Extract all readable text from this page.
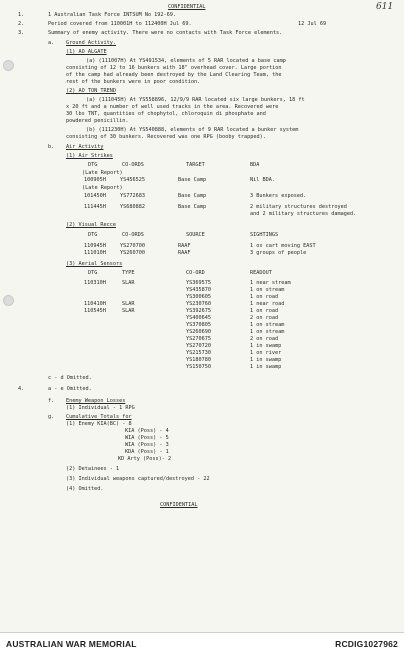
CONFIDENTIAL	611
1.	1 Australian Task Force INTSUM No 192-69.
2.	Period covered from 110001H to 112400H Jul 69.	12 Jul 69
3.	Summary of enemy activity. There were no contacts with Task Force elements.
a. Ground Activity.
(1) AO ALGATE
(a) (111007H) At YS491534, elements of 5 RAR located a base camp
consisting of 12 to 16 bunkers with 18" overhead cover. Large portion
of the camp had already been destroyed by the Land Clearing Team, the
rest of the bunkers were in poor condition.
(2) AO TON TREND
(a) (111045H) At YS558896, 12/9/9 RAR located six large bunkers, 18 ft
x 20 ft and a number of well used tracks in the area. Recovered were
30 lbs TNT, quantities of chophytol, chloroquin di phosphate and
powdered penicillin.
(b) (111230H) At YS540888, elements of 9 RAR located a bunker system
consisting of 30 bunkers. Recovered was one RPG (booby trapped).
b. Air Activity
(1) Air Strikes
DTG	CO-ORDS	TARGET	BDA
(Late Report)
100905H	YS456525	Base Camp	Nil BDA.
(Late Report)
101450H	YS772683	Base Camp	3 Bunkers exposed.
111445H	YS680882	Base Camp	2 military structures destroyed
and 2 military structures damaged.
(2) Visual Recce
DTG	CO-ORDS	SOURCE	SIGHTINGS
110945H	YS270700	RAAF	1 ox cart moving EAST
111010H	YS260700	RAAF	3 groups of people
(3) Aerial Sensors
DTG	TYPE	CO-ORD	READOUT
110310H	SLAR	YS369575	1 near stream
YS435870	1 on stream
YS300605	1 on road
110410H	SLAR	YS230760	1 near road
110545H	SLAR	YS392675	1 on road
YS400645	2 on road
YS370805	1 on stream
YS260690	1 on stream
YS270675	2 on road
YS270720	1 in swamp
YS215730	1 on river
YS180780	1 in swamp
YS150750	1 in swamp
c - d Omitted.
4.	a - e Omitted.
f. Enemy Weapon Losses
(1) Individual - 1 RPG
g. Cumulative Totals for
(1) Enemy KIA(BC) - 8
KIA (Poss) - 4
WIA (Poss) - 5
WIA (Poss) - 3
KDA (Poss) - 1
KD Arty (Poss)- 2
(2) Detainees - 1
(3) Individual weapons captured/destroyed - 22
(4) Omitted.
CONFIDENTIAL
AUSTRALIAN WAR MEMORIAL	RCDIG1027962
